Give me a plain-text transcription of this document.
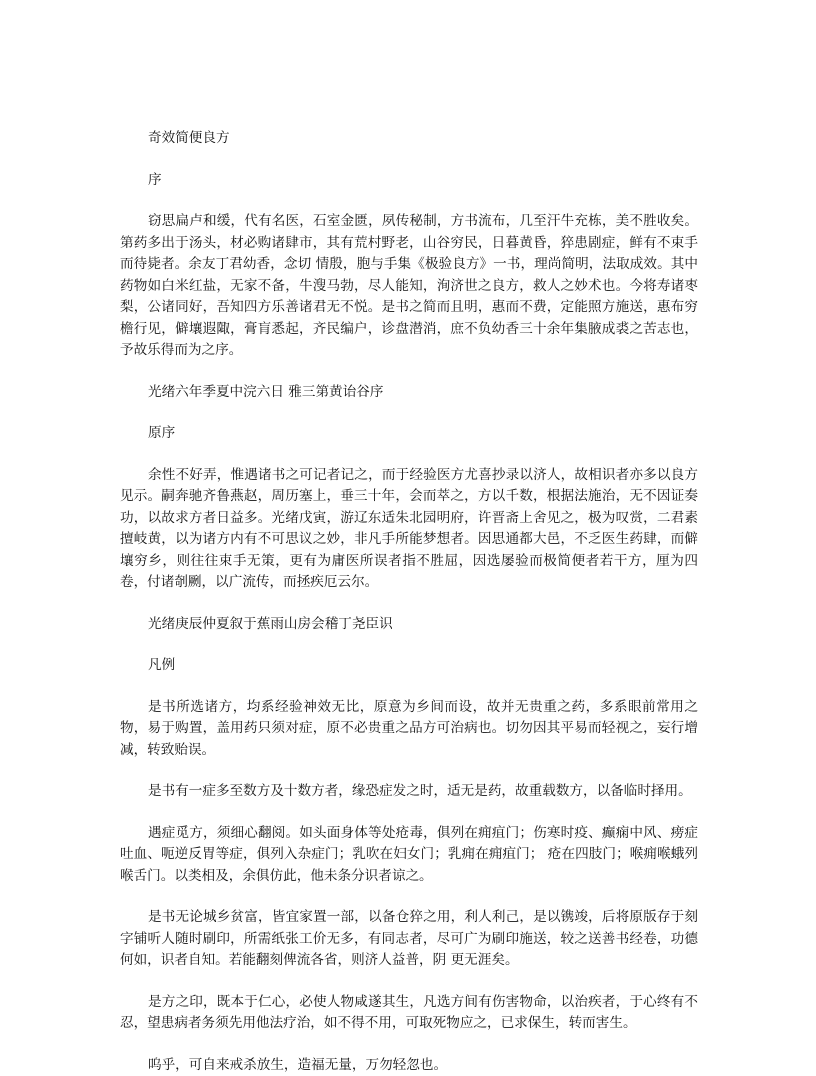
奇效简便良方

序

窃思扁卢和缓，代有名医，石室金匮，夙传秘制，方书流布，几至汗牛充栋，美不胜收矣。第药多出于汤头，材必购诸肆市，其有荒村野老，山谷穷民，日暮黄昏，猝患剧症，鲜有不束手而待毙者。余友丁君幼香，念切 情殷，胞与手集《极验良方》一书，理尚简明，法取成效。其中药物如白米红盐，无家不备，牛溲马勃，尽人能知，洵济世之良方，救人之妙术也。今将寿诸枣梨，公诸同好，吾知四方乐善诸君无不悦。是书之简而且明，惠而不费，定能照方施送，惠布穷檐行见，僻壤遐陬，膏肓悉起，齐民编户，诊盘潜消，庶不负幼香三十余年集腋成裘之苦志也，予故乐得而为之序。

光绪六年季夏中浣六日 雅三第黄诒谷序

原序

余性不好弄，惟遇诸书之可记者记之，而于经验医方尤喜抄录以济人，故相识者亦多以良方见示。嗣奔驰齐鲁燕赵，周历塞上，垂三十年，会而萃之，方以千数，根据法施治，无不因证奏功，以故求方者日益多。光绪戊寅，游辽东适朱北园明府，许晋斋上舍见之，极为叹赏，二君素擅岐黄，以为诸方内有不可思议之妙，非凡手所能梦想者。因思通都大邑，不乏医生药肆，而僻壤穷乡，则往往束手无策，更有为庸医所误者指不胜屈，因选屡验而极简便者若干方，厘为四卷，付诸剞劂，以广流传，而拯疾厄云尔。

光绪庚辰仲夏叙于蕉雨山房会稽丁尧臣识

凡例

是书所选诸方，均系经验神效无比，原意为乡间而设，故并无贵重之药，多系眼前常用之物，易于购置，盖用药只须对症，原不必贵重之品方可治病也。切勿因其平易而轻视之，妄行增减，转致贻误。

是书有一症多至数方及十数方者，缘恐症发之时，适无是药，故重载数方，以备临时择用。

遇症觅方，须细心翻阅。如头面身体等处疮毒，俱列在痈疽门；伤寒时疫、癫痫中风、痨症吐血、呃逆反胃等症，俱列入杂症门；乳吹在妇女门；乳痈在痈疽门； 疮在四肢门；喉痈喉蛾列喉舌门。以类相及，余俱仿此，他未条分识者谅之。

是书无论城乡贫富，皆宜家置一部，以备仓猝之用，利人利己，是以镌竣，后将原版存于刻字铺听人随时刷印，所需纸张工价无多，有同志者，尽可广为刷印施送，较之送善书经卷，功德何如，识者自知。若能翻刻俾流各省，则济人益普，阴 更无涯矣。

是方之印，既本于仁心，必使人物咸遂其生，凡选方间有伤害物命，以治疾者，于心终有不忍，望患病者务须先用他法疗治，如不得不用，可取死物应之，已求保生，转而害生。

呜乎，可自来戒杀放生，造福无量，万勿轻忽也。
